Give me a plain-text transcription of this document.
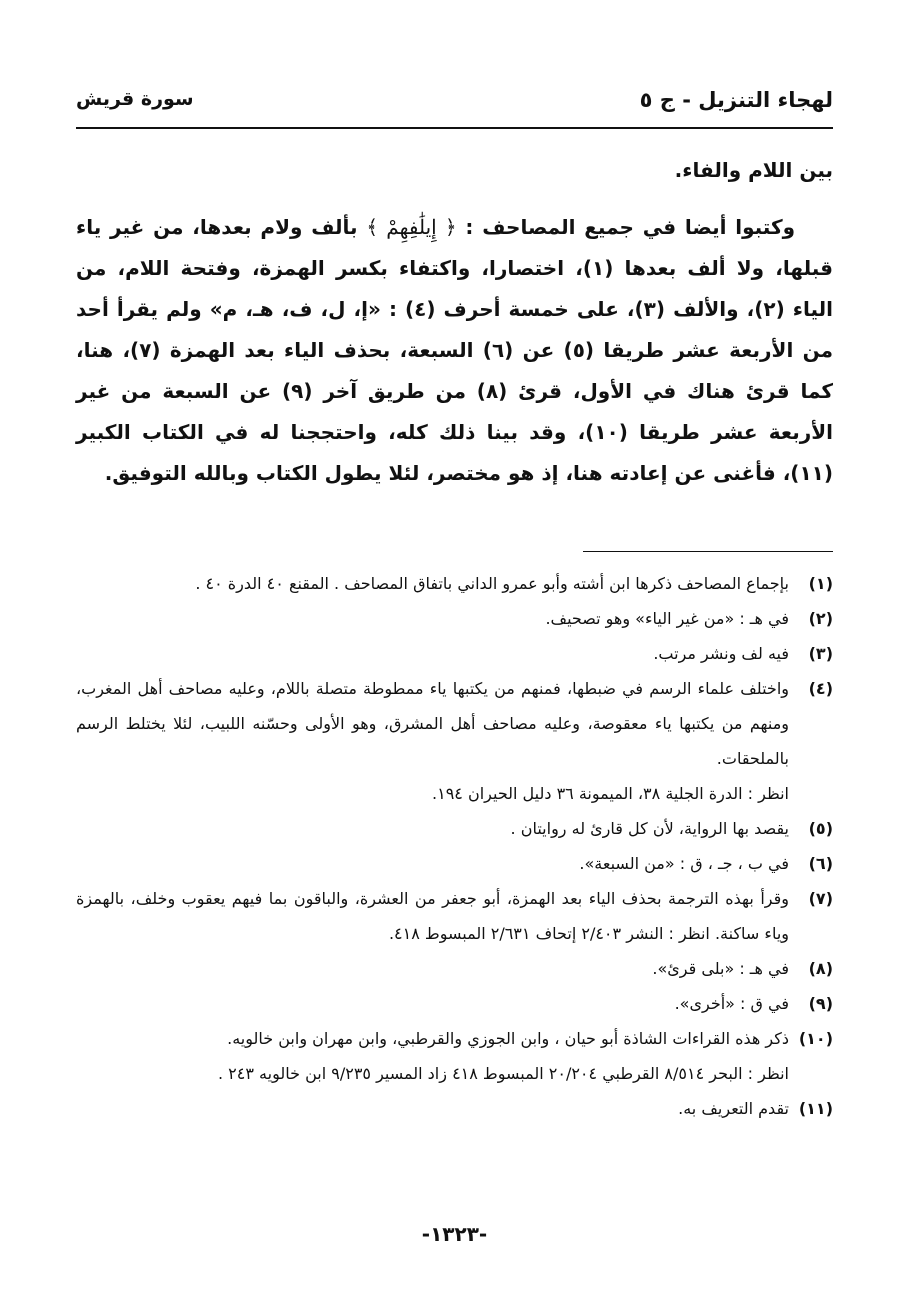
لهجاء التنزيل - ج ٥
سورة قريش

بين اللام والفاء.

وكتبوا أيضا في جميع المصاحف : ﴿ إِيلَٰفِهِمْ ﴾ بألف ولام بعدها، من غير ياء قبلها، ولا ألف بعدها (١)، اختصارا، واكتفاء بكسر الهمزة، وفتحة اللام، من الياء (٢)، والألف (٣)، على خمسة أحرف (٤) : «إ، ل، ف، هـ، م» ولم يقرأ أحد من الأربعة عشر طريقا (٥) عن (٦) السبعة، بحذف الياء بعد الهمزة (٧)، هنا، كما قرئ هناك في الأول، قرئ (٨) من طريق آخر (٩) عن السبعة من غير الأربعة عشر طريقا (١٠)، وقد بينا ذلك كله، واحتججنا له في الكتاب الكبير (١١)، فأغنى عن إعادته هنا، إذ هو مختصر، لئلا يطول الكتاب وبالله التوفيق.

(١)
بإجماع المصاحف ذكرها ابن أشته وأبو عمرو الداني باتفاق المصاحف . المقنع ٤٠ الدرة ٤٠ .
(٢)
في هـ : «من غير الياء» وهو تصحيف.
(٣)
فيه لف ونشر مرتب.
(٤)
واختلف علماء الرسم في ضبطها، فمنهم من يكتبها ياء ممطوطة متصلة باللام، وعليه مصاحف أهل المغرب، ومنهم من يكتبها ياء معقوصة، وعليه مصاحف أهل المشرق، وهو الأولى وحسّنه اللبيب، لئلا يختلط الرسم بالملحقات.
انظر : الدرة الجلية ٣٨، الميمونة ٣٦ دليل الحيران ١٩٤.
(٥)
يقصد بها الرواية، لأن كل قارئ له روايتان .
(٦)
في ب ، جـ ، ق : «من السبعة».
(٧)
وقرأ بهذه الترجمة بحذف الياء بعد الهمزة، أبو جعفر من العشرة، والباقون بما فيهم يعقوب وخلف، بالهمزة وياء ساكنة. انظر : النشر ٢/٤٠٣ إتحاف ٢/٦٣١ المبسوط ٤١٨.
(٨)
في هـ : «بلى قرئ».
(٩)
في ق : «أخرى».
(١٠)
ذكر هذه القراءات الشاذة أبو حيان ، وابن الجوزي والقرطبي، وابن مهران وابن خالويه.
انظر : البحر ٨/٥١٤ القرطبي ٢٠/٢٠٤ المبسوط ٤١٨ زاد المسير ٩/٢٣٥ ابن خالويه ٢٤٣ .
(١١)
تقدم التعريف به.
-١٣٢٣-
